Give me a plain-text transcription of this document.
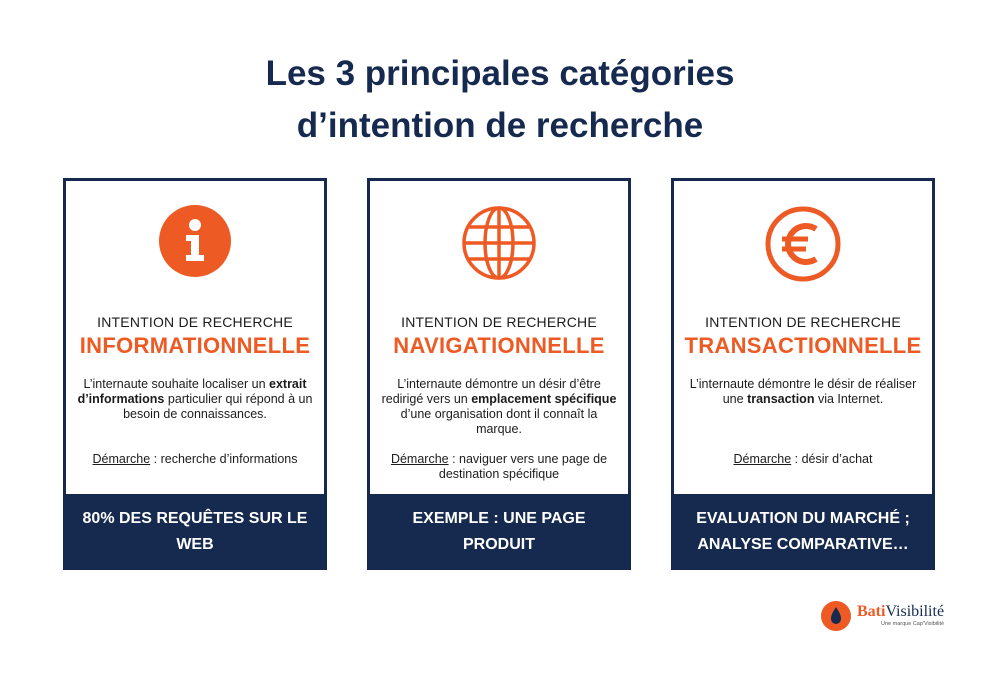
Les 3 principales catégories
d’intention de recherche
INTENTION DE RECHERCHE
INFORMATIONNELLE
L’internaute souhaite localiser un extrait d’informations particulier qui répond à un besoin de connaissances.
Démarche : recherche d’informations
80% DES REQUÊTES SUR LE WEB
INTENTION DE RECHERCHE
NAVIGATIONNELLE
L’internaute démontre un désir d’être redirigé vers un emplacement spécifique d’une organisation dont il connaît la marque.
Démarche : naviguer vers une page de destination spécifique
EXEMPLE : UNE PAGE PRODUIT
INTENTION DE RECHERCHE
TRANSACTIONNELLE
L’internaute démontre le désir de réaliser une transaction via Internet.
Démarche : désir d’achat
EVALUATION DU MARCHÉ ; ANALYSE COMPARATIVE…
BatiVisibilité
Une marque Cap'Visibilité
